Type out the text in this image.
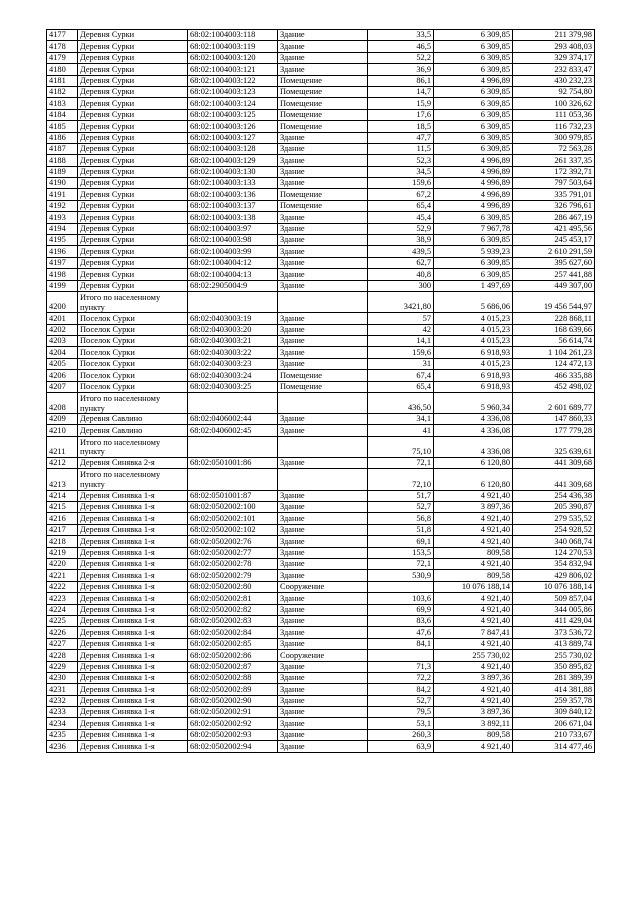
4177	Деревня Сурки	68:02:1004003:118	Здание	33,5	6 309,85	211 379,98
4178	Деревня Сурки	68:02:1004003:119	Здание	46,5	6 309,85	293 408,03
4179	Деревня Сурки	68:02:1004003:120	Здание	52,2	6 309,85	329 374,17
4180	Деревня Сурки	68:02:1004003:121	Здание	36,9	6 309,85	232 833,47
4181	Деревня Сурки	68:02:1004003:122	Помещение	86,1	4 996,89	430 232,23
4182	Деревня Сурки	68:02:1004003:123	Помещение	14,7	6 309,85	92 754,80
4183	Деревня Сурки	68:02:1004003:124	Помещение	15,9	6 309,85	100 326,62
4184	Деревня Сурки	68:02:1004003:125	Помещение	17,6	6 309,85	111 053,36
4185	Деревня Сурки	68:02:1004003:126	Помещение	18,5	6 309,85	116 732,23
4186	Деревня Сурки	68:02:1004003:127	Здание	47,7	6 309,85	300 979,85
4187	Деревня Сурки	68:02:1004003:128	Здание	11,5	6 309,85	72 563,28
4188	Деревня Сурки	68:02:1004003:129	Здание	52,3	4 996,89	261 337,35
4189	Деревня Сурки	68:02:1004003:130	Здание	34,5	4 996,89	172 392,71
4190	Деревня Сурки	68:02:1004003:133	Здание	159,6	4 996,89	797 503,64
4191	Деревня Сурки	68:02:1004003:136	Помещение	67,2	4 996,89	335 791,01
4192	Деревня Сурки	68:02:1004003:137	Помещение	65,4	4 996,89	326 796,61
4193	Деревня Сурки	68:02:1004003:138	Здание	45,4	6 309,85	286 467,19
4194	Деревня Сурки	68:02:1004003:97	Здание	52,9	7 967,78	421 495,56
4195	Деревня Сурки	68:02:1004003:98	Здание	38,9	6 309,85	245 453,17
4196	Деревня Сурки	68:02:1004003:99	Здание	439,5	5 939,23	2 610 291,59
4197	Деревня Сурки	68:02:1004004:12	Здание	62,7	6 309,85	395 627,60
4198	Деревня Сурки	68:02:1004004:13	Здание	40,8	6 309,85	257 441,88
4199	Деревня Сурки	68:02:2905004:9	Здание	300	1 497,69	449 307,00
4200	Итого по населенному пункту			3421,80	5 686,06	19 456 544,97
4201	Поселок Сурки	68:02:0403003:19	Здание	57	4 015,23	228 868,11
4202	Поселок Сурки	68:02:0403003:20	Здание	42	4 015,23	168 639,66
4203	Поселок Сурки	68:02:0403003:21	Здание	14,1	4 015,23	56 614,74
4204	Поселок Сурки	68:02:0403003:22	Здание	159,6	6 918,93	1 104 261,23
4205	Поселок Сурки	68:02:0403003:23	Здание	31	4 015,23	124 472,13
4206	Поселок Сурки	68:02:0403003:24	Помещение	67,4	6 918,93	466 335,88
4207	Поселок Сурки	68:02:0403003:25	Помещение	65,4	6 918,93	452 498,02
4208	Итого по населенному пункту			436,50	5 960,34	2 601 689,77
4209	Деревня Савлино	68:02:0406002:44	Здание	34,1	4 336,08	147 860,33
4210	Деревня Савлино	68:02:0406002:45	Здание	41	4 336,08	177 779,28
4211	Итого по населенному пункту			75,10	4 336,08	325 639,61
4212	Деревня Синявка 2-я	68:02:0501001:86	Здание	72,1	6 120,80	441 309,68
4213	Итого по населенному пункту			72,10	6 120,80	441 309,68
4214	Деревня Синявка 1-я	68:02:0501001:87	Здание	51,7	4 921,40	254 436,38
4215	Деревня Синявка 1-я	68:02:0502002:100	Здание	52,7	3 897,36	205 390,87
4216	Деревня Синявка 1-я	68:02:0502002:101	Здание	56,8	4 921,40	279 535,52
4217	Деревня Синявка 1-я	68:02:0502002:102	Здание	51,8	4 921,40	254 928,52
4218	Деревня Синявка 1-я	68:02:0502002:76	Здание	69,1	4 921,40	340 068,74
4219	Деревня Синявка 1-я	68:02:0502002:77	Здание	153,5	809,58	124 270,53
4220	Деревня Синявка 1-я	68:02:0502002:78	Здание	72,1	4 921,40	354 832,94
4221	Деревня Синявка 1-я	68:02:0502002:79	Здание	530,9	809,58	429 806,02
4222	Деревня Синявка 1-я	68:02:0502002:80	Сооружение		10 076 188,14	10 076 188,14
4223	Деревня Синявка 1-я	68:02:0502002:81	Здание	103,6	4 921,40	509 857,04
4224	Деревня Синявка 1-я	68:02:0502002:82	Здание	69,9	4 921,40	344 005,86
4225	Деревня Синявка 1-я	68:02:0502002:83	Здание	83,6	4 921,40	411 429,04
4226	Деревня Синявка 1-я	68:02:0502002:84	Здание	47,6	7 847,41	373 536,72
4227	Деревня Синявка 1-я	68:02:0502002:85	Здание	84,1	4 921,40	413 889,74
4228	Деревня Синявка 1-я	68:02:0502002:86	Сооружение		255 730,02	255 730,02
4229	Деревня Синявка 1-я	68:02:0502002:87	Здание	71,3	4 921,40	350 895,82
4230	Деревня Синявка 1-я	68:02:0502002:88	Здание	72,2	3 897,36	281 389,39
4231	Деревня Синявка 1-я	68:02:0502002:89	Здание	84,2	4 921,40	414 381,88
4232	Деревня Синявка 1-я	68:02:0502002:90	Здание	52,7	4 921,40	259 357,78
4233	Деревня Синявка 1-я	68:02:0502002:91	Здание	79,5	3 897,36	309 840,12
4234	Деревня Синявка 1-я	68:02:0502002:92	Здание	53,1	3 892,11	206 671,04
4235	Деревня Синявка 1-я	68:02:0502002:93	Здание	260,3	809,58	210 733,67
4236	Деревня Синявка 1-я	68:02:0502002:94	Здание	63,9	4 921,40	314 477,46
